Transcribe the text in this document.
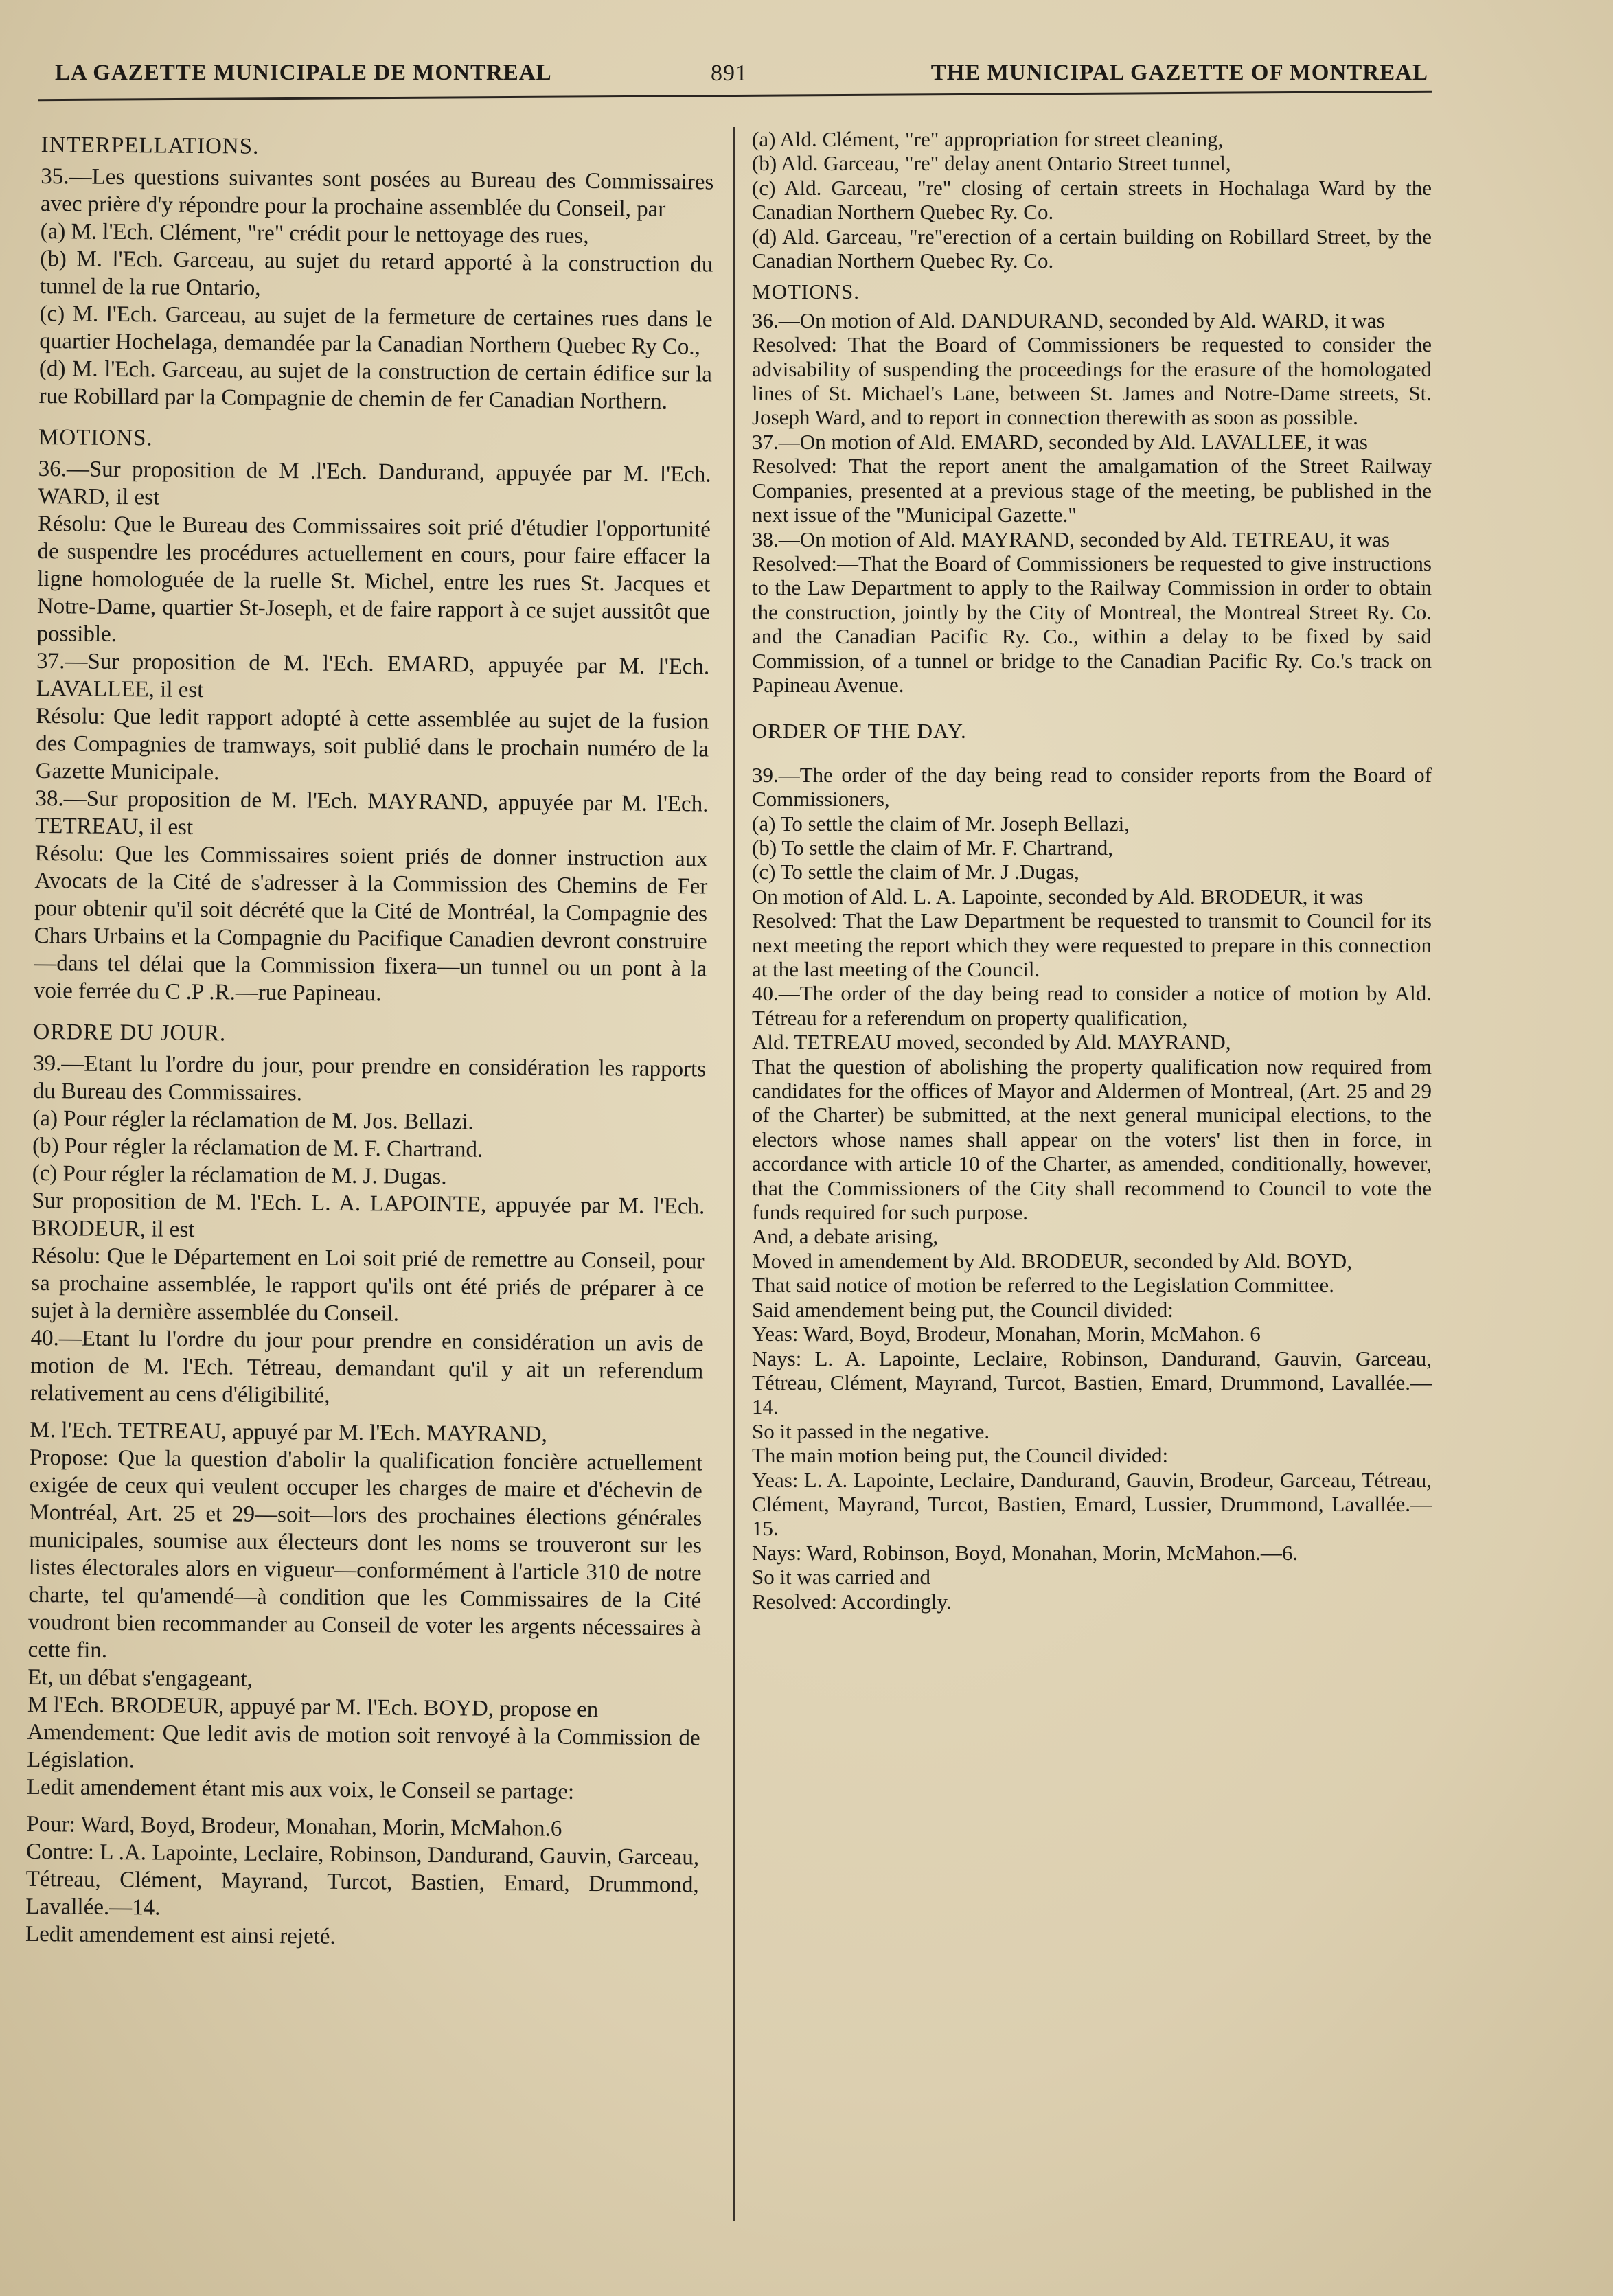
LA GAZETTE MUNICIPALE DE MONTREAL	891	THE MUNICIPAL GAZETTE OF MONTREAL

INTERPELLATIONS.

35.—Les questions suivantes sont posées au Bureau des Commissaires avec prière d'y répondre pour la prochaine assemblée du Conseil, par

(a) M. l'Ech. Clément, "re" crédit pour le nettoyage des rues,

(b) M. l'Ech. Garceau, au sujet du retard apporté à la construction du tunnel de la rue Ontario,

(c) M. l'Ech. Garceau, au sujet de la fermeture de certaines rues dans le quartier Hochelaga, demandée par la Canadian Northern Quebec Ry Co.,

(d) M. l'Ech. Garceau, au sujet de la construction de certain édifice sur la rue Robillard par la Compagnie de chemin de fer Canadian Northern.

MOTIONS.

36.—Sur proposition de M .l'Ech. Dandurand, appuyée par M. l'Ech. WARD, il est

Résolu: Que le Bureau des Commissaires soit prié d'étudier l'opportunité de suspendre les procédures actuellement en cours, pour faire effacer la ligne homologuée de la ruelle St. Michel, entre les rues St. Jacques et Notre-Dame, quartier St-Joseph, et de faire rapport à ce sujet aussitôt que possible.

37.—Sur proposition de M. l'Ech. EMARD, appuyée par M. l'Ech. LAVALLEE, il est

Résolu: Que ledit rapport adopté à cette assemblée au sujet de la fusion des Compagnies de tramways, soit publié dans le prochain numéro de la Gazette Municipale.

38.—Sur proposition de M. l'Ech. MAYRAND, appuyée par M. l'Ech. TETREAU, il est

Résolu: Que les Commissaires soient priés de donner instruction aux Avocats de la Cité de s'adresser à la Commission des Chemins de Fer pour obtenir qu'il soit décrété que la Cité de Montréal, la Compagnie des Chars Urbains et la Compagnie du Pacifique Canadien devront construire —dans tel délai que la Commission fixera—un tunnel ou un pont à la voie ferrée du C .P .R.—rue Papineau.

ORDRE DU JOUR.

39.—Etant lu l'ordre du jour, pour prendre en considération les rapports du Bureau des Commissaires.

(a) Pour régler la réclamation de M. Jos. Bellazi.

(b) Pour régler la réclamation de M. F. Chartrand.

(c) Pour régler la réclamation de M. J. Dugas.

Sur proposition de M. l'Ech. L. A. LAPOINTE, appuyée par M. l'Ech. BRODEUR, il est

Résolu: Que le Département en Loi soit prié de remettre au Conseil, pour sa prochaine assemblée, le rapport qu'ils ont été priés de préparer à ce sujet à la dernière assemblée du Conseil.

40.—Etant lu l'ordre du jour pour prendre en considération un avis de motion de M. l'Ech. Tétreau, demandant qu'il y ait un referendum relativement au cens d'éligibilité,

M. l'Ech. TETREAU, appuyé par M. l'Ech. MAYRAND,

Propose: Que la question d'abolir la qualification foncière actuellement exigée de ceux qui veulent occuper les charges de maire et d'échevin de Montréal, Art. 25 et 29—soit—lors des prochaines élections générales municipales, soumise aux électeurs dont les noms se trouveront sur les listes électorales alors en vigueur—conformément à l'article 310 de notre charte, tel qu'amendé—à condition que les Commissaires de la Cité voudront bien recommander au Conseil de voter les argents nécessaires à cette fin.

Et, un débat s'engageant,

M l'Ech. BRODEUR, appuyé par M. l'Ech. BOYD, propose en

Amendement: Que ledit avis de motion soit renvoyé à la Commission de Législation.

Ledit amendement étant mis aux voix, le Conseil se partage:

Pour: Ward, Boyd, Brodeur, Monahan, Morin, McMahon.6

Contre: L .A. Lapointe, Leclaire, Robinson, Dandurand, Gauvin, Garceau, Tétreau, Clément, Mayrand, Turcot, Bastien, Emard, Drummond, Lavallée.—14.

Ledit amendement est ainsi rejeté.

(a) Ald. Clément, "re" appropriation for street cleaning,

(b) Ald. Garceau, "re" delay anent Ontario Street tunnel,

(c) Ald. Garceau, "re" closing of certain streets in Hochalaga Ward by the Canadian Northern Quebec Ry. Co.

(d) Ald. Garceau, "re"erection of a certain building on Robillard Street, by the Canadian Northern Quebec Ry. Co.

MOTIONS.

36.—On motion of Ald. DANDURAND, seconded by Ald. WARD, it was

Resolved: That the Board of Commissioners be requested to consider the advisability of suspending the proceedings for the erasure of the homologated lines of St. Michael's Lane, between St. James and Notre-Dame streets, St. Joseph Ward, and to report in connection therewith as soon as possible.

37.—On motion of Ald. EMARD, seconded by Ald. LAVALLEE, it was

Resolved: That the report anent the amalgamation of the Street Railway Companies, presented at a previous stage of the meeting, be published in the next issue of the "Municipal Gazette."

38.—On motion of Ald. MAYRAND, seconded by Ald. TETREAU, it was

Resolved:—That the Board of Commissioners be requested to give instructions to the Law Department to apply to the Railway Commission in order to obtain the construction, jointly by the City of Montreal, the Montreal Street Ry. Co. and the Canadian Pacific Ry. Co., within a delay to be fixed by said Commission, of a tunnel or bridge to the Canadian Pacific Ry. Co.'s track on Papineau Avenue.

ORDER OF THE DAY.

39.—The order of the day being read to consider reports from the Board of Commissioners,

(a) To settle the claim of Mr. Joseph Bellazi,

(b) To settle the claim of Mr. F. Chartrand,

(c) To settle the claim of Mr. J .Dugas,

On motion of Ald. L. A. Lapointe, seconded by Ald. BRODEUR, it was

Resolved: That the Law Department be requested to transmit to Council for its next meeting the report which they were requested to prepare in this connection at the last meeting of the Council.

40.—The order of the day being read to consider a notice of motion by Ald. Tétreau for a referendum on property qualification,

Ald. TETREAU moved, seconded by Ald. MAYRAND,

That the question of abolishing the property qualification now required from candidates for the offices of Mayor and Aldermen of Montreal, (Art. 25 and 29 of the Charter) be submitted, at the next general municipal elections, to the electors whose names shall appear on the voters' list then in force, in accordance with article 10 of the Charter, as amended, conditionally, however, that the Commissioners of the City shall recommend to Council to vote the funds required for such purpose.

And, a debate arising,

Moved in amendement by Ald. BRODEUR, seconded by Ald. BOYD,

That said notice of motion be referred to the Legislation Committee.

Said amendement being put, the Council divided:

Yeas: Ward, Boyd, Brodeur, Monahan, Morin, McMahon. 6

Nays: L. A. Lapointe, Leclaire, Robinson, Dandurand, Gauvin, Garceau, Tétreau, Clément, Mayrand, Turcot, Bastien, Emard, Drummond, Lavallée.—14.

So it passed in the negative.

The main motion being put, the Council divided:

Yeas: L. A. Lapointe, Leclaire, Dandurand, Gauvin, Brodeur, Garceau, Tétreau, Clément, Mayrand, Turcot, Bastien, Emard, Lussier, Drummond, Lavallée.—15.

Nays: Ward, Robinson, Boyd, Monahan, Morin, McMahon.—6.

So it was carried and

Resolved: Accordingly.
